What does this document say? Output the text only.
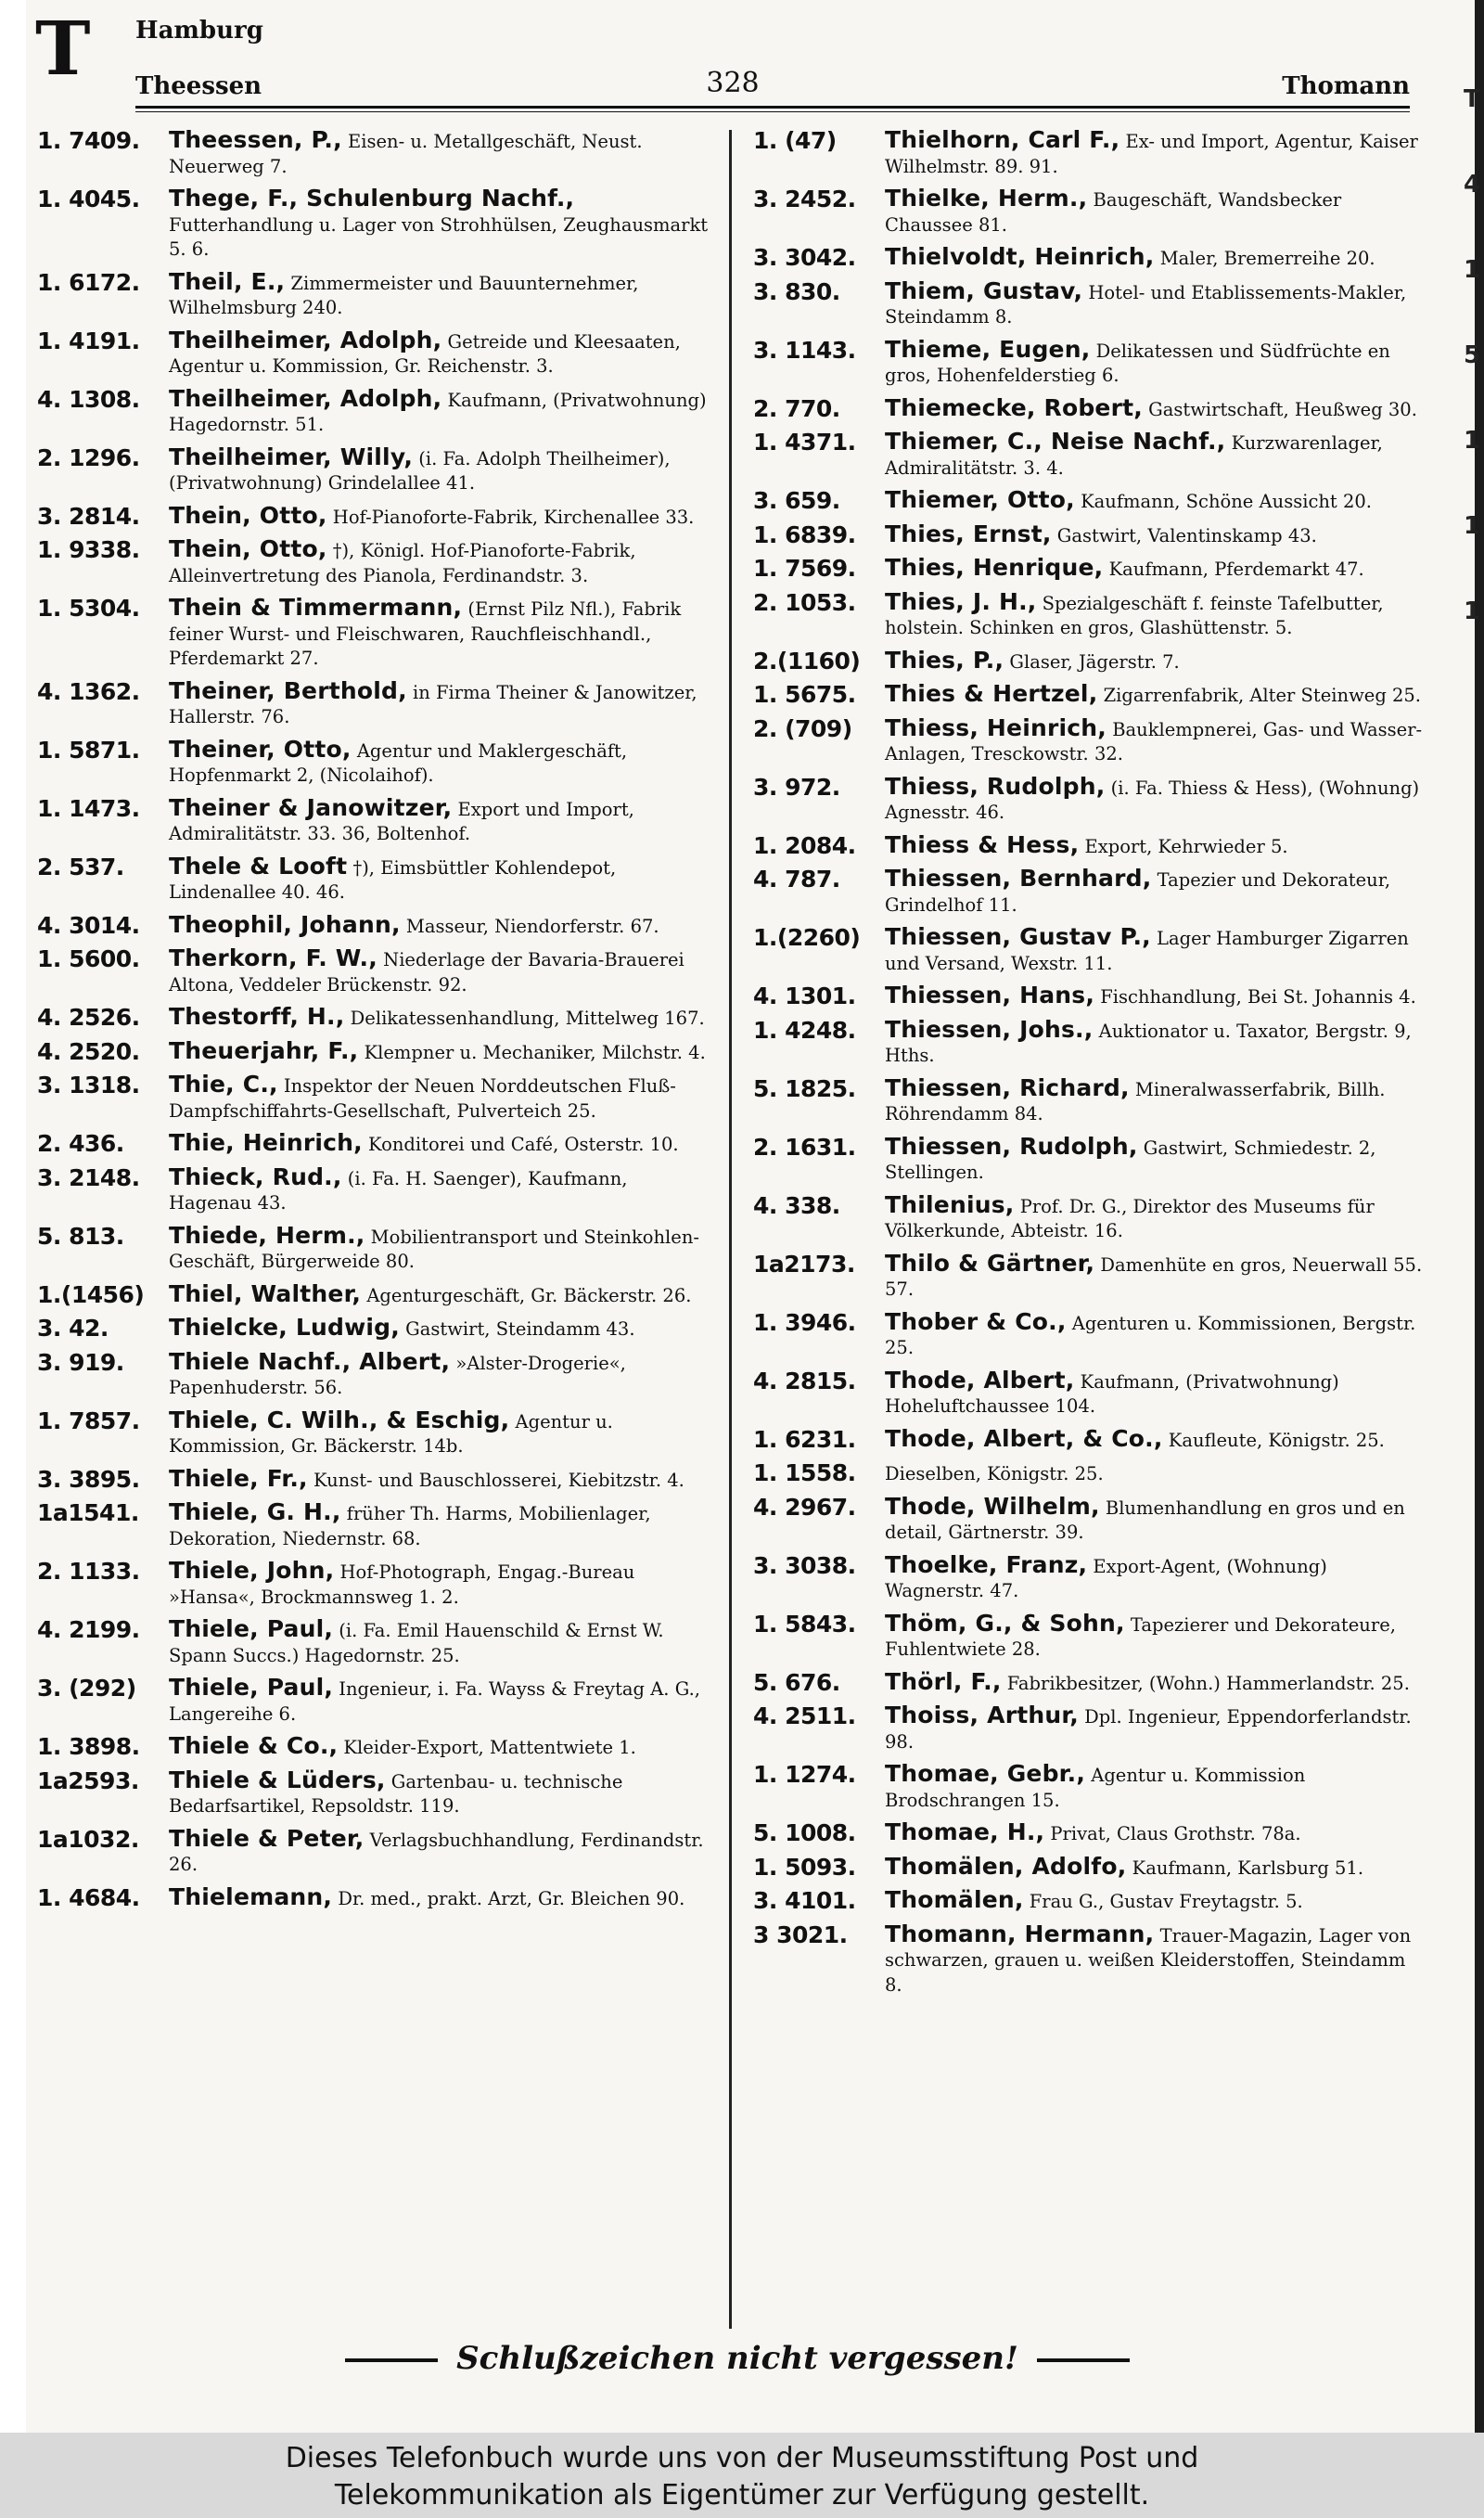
T
4
1
5
1
1
1
T Hamburg
Theessen	328	Thomann
1. 7409.	Theessen, P., Eisen- u. Metallgeschäft, Neust. Neuerweg 7.
1. 4045.	Thege, F., Schulenburg Nachf., Futterhandlung u. Lager von Strohhülsen, Zeughausmarkt 5. 6.
1. 6172.	Theil, E., Zimmermeister und Bauunternehmer, Wilhelmsburg 240.
1. 4191.	Theilheimer, Adolph, Getreide und Kleesaaten, Agentur u. Kommission, Gr. Reichenstr. 3.
4. 1308.	Theilheimer, Adolph, Kaufmann, (Privatwohnung) Hagedornstr. 51.
2. 1296.	Theilheimer, Willy, (i. Fa. Adolph Theilheimer), (Privatwohnung) Grindelallee 41.
3. 2814.	Thein, Otto, Hof-Pianoforte-Fabrik, Kirchenallee 33.
1. 9338.	Thein, Otto, †), Königl. Hof-Pianoforte-Fabrik, Alleinvertretung des Pianola, Ferdinandstr. 3.
1. 5304.	Thein & Timmermann, (Ernst Pilz Nfl.), Fabrik feiner Wurst- und Fleischwaren, Rauchfleischhandl., Pferdemarkt 27.
4. 1362.	Theiner, Berthold, in Firma Theiner & Janowitzer, Hallerstr. 76.
1. 5871.	Theiner, Otto, Agentur und Maklergeschäft, Hopfenmarkt 2, (Nicolaihof).
1. 1473.	Theiner & Janowitzer, Export und Import, Admiralitätstr. 33. 36, Boltenhof.
2. 537.	Thele & Looft †), Eimsbüttler Kohlendepot, Lindenallee 40. 46.
4. 3014.	Theophil, Johann, Masseur, Niendorferstr. 67.
1. 5600.	Therkorn, F. W., Niederlage der Bavaria-Brauerei Altona, Veddeler Brückenstr. 92.
4. 2526.	Thestorff, H., Delikatessenhandlung, Mittelweg 167.
4. 2520.	Theuerjahr, F., Klempner u. Mechaniker, Milchstr. 4.
3. 1318.	Thie, C., Inspektor der Neuen Norddeutschen Fluß-Dampfschiffahrts-Gesellschaft, Pulverteich 25.
2. 436.	Thie, Heinrich, Konditorei und Café, Osterstr. 10.
3. 2148.	Thieck, Rud., (i. Fa. H. Saenger), Kaufmann, Hagenau 43.
5. 813.	Thiede, Herm., Mobilientransport und Steinkohlen-Geschäft, Bürgerweide 80.
1.(1456)	Thiel, Walther, Agenturgeschäft, Gr. Bäckerstr. 26.
3. 42.	Thielcke, Ludwig, Gastwirt, Steindamm 43.
3. 919.	Thiele Nachf., Albert, »Alster-Drogerie«, Papenhuderstr. 56.
1. 7857.	Thiele, C. Wilh., & Eschig, Agentur u. Kommission, Gr. Bäckerstr. 14b.
3. 3895.	Thiele, Fr., Kunst- und Bauschlosserei, Kiebitzstr. 4.
1a1541.	Thiele, G. H., früher Th. Harms, Mobilienlager, Dekoration, Niedernstr. 68.
2. 1133.	Thiele, John, Hof-Photograph, Engag.-Bureau »Hansa«, Brockmannsweg 1. 2.
4. 2199.	Thiele, Paul, (i. Fa. Emil Hauenschild & Ernst W. Spann Succs.) Hagedornstr. 25.
3. (292)	Thiele, Paul, Ingenieur, i. Fa. Wayss & Freytag A. G., Langereihe 6.
1. 3898.	Thiele & Co., Kleider-Export, Mattentwiete 1.
1a2593.	Thiele & Lüders, Gartenbau- u. technische Bedarfsartikel, Repsoldstr. 119.
1a1032.	Thiele & Peter, Verlagsbuchhandlung, Ferdinandstr. 26.
1. 4684.	Thielemann, Dr. med., prakt. Arzt, Gr. Bleichen 90.
1. (47)	Thielhorn, Carl F., Ex- und Import, Agentur, Kaiser Wilhelmstr. 89. 91.
3. 2452.	Thielke, Herm., Baugeschäft, Wandsbecker Chaussee 81.
3. 3042.	Thielvoldt, Heinrich, Maler, Bremerreihe 20.
3. 830.	Thiem, Gustav, Hotel- und Etablissements-Makler, Steindamm 8.
3. 1143.	Thieme, Eugen, Delikatessen und Südfrüchte en gros, Hohenfelderstieg 6.
2. 770.	Thiemecke, Robert, Gastwirtschaft, Heußweg 30.
1. 4371.	Thiemer, C., Neise Nachf., Kurzwarenlager, Admiralitätstr. 3. 4.
3. 659.	Thiemer, Otto, Kaufmann, Schöne Aussicht 20.
1. 6839.	Thies, Ernst, Gastwirt, Valentinskamp 43.
1. 7569.	Thies, Henrique, Kaufmann, Pferdemarkt 47.
2. 1053.	Thies, J. H., Spezialgeschäft f. feinste Tafelbutter, holstein. Schinken en gros, Glashüttenstr. 5.
2.(1160)	Thies, P., Glaser, Jägerstr. 7.
1. 5675.	Thies & Hertzel, Zigarrenfabrik, Alter Steinweg 25.
2. (709)	Thiess, Heinrich, Bauklempnerei, Gas- und Wasser-Anlagen, Tresckowstr. 32.
3. 972.	Thiess, Rudolph, (i. Fa. Thiess & Hess), (Wohnung) Agnesstr. 46.
1. 2084.	Thiess & Hess, Export, Kehrwieder 5.
4. 787.	Thiessen, Bernhard, Tapezier und Dekorateur, Grindelhof 11.
1.(2260)	Thiessen, Gustav P., Lager Hamburger Zigarren und Versand, Wexstr. 11.
4. 1301.	Thiessen, Hans, Fischhandlung, Bei St. Johannis 4.
1. 4248.	Thiessen, Johs., Auktionator u. Taxator, Bergstr. 9, Hths.
5. 1825.	Thiessen, Richard, Mineralwasserfabrik, Billh. Röhrendamm 84.
2. 1631.	Thiessen, Rudolph, Gastwirt, Schmiedestr. 2, Stellingen.
4. 338.	Thilenius, Prof. Dr. G., Direktor des Museums für Völkerkunde, Abteistr. 16.
1a2173.	Thilo & Gärtner, Damenhüte en gros, Neuerwall 55. 57.
1. 3946.	Thober & Co., Agenturen u. Kommissionen, Bergstr. 25.
4. 2815.	Thode, Albert, Kaufmann, (Privatwohnung) Hoheluftchaussee 104.
1. 6231.	Thode, Albert, & Co., Kaufleute, Königstr. 25.
1. 1558.	Dieselben, Königstr. 25.
4. 2967.	Thode, Wilhelm, Blumenhandlung en gros und en detail, Gärtnerstr. 39.
3. 3038.	Thoelke, Franz, Export-Agent, (Wohnung) Wagnerstr. 47.
1. 5843.	Thöm, G., & Sohn, Tapezierer und Dekorateure, Fuhlentwiete 28.
5. 676.	Thörl, F., Fabrikbesitzer, (Wohn.) Hammerlandstr. 25.
4. 2511.	Thoiss, Arthur, Dpl. Ingenieur, Eppendorferlandstr. 98.
1. 1274.	Thomae, Gebr., Agentur u. Kommission Brodschrangen 15.
5. 1008.	Thomae, H., Privat, Claus Grothstr. 78a.
1. 5093.	Thomälen, Adolfo, Kaufmann, Karlsburg 51.
3. 4101.	Thomälen, Frau G., Gustav Freytagstr. 5.
3 3021.	Thomann, Hermann, Trauer-Magazin, Lager von schwarzen, grauen u. weißen Kleiderstoffen, Steindamm 8.
Schlußzeichen nicht vergessen!
Dieses Telefonbuch wurde uns von der Museumsstiftung Post und
Telekommunikation als Eigentümer zur Verfügung gestellt.
